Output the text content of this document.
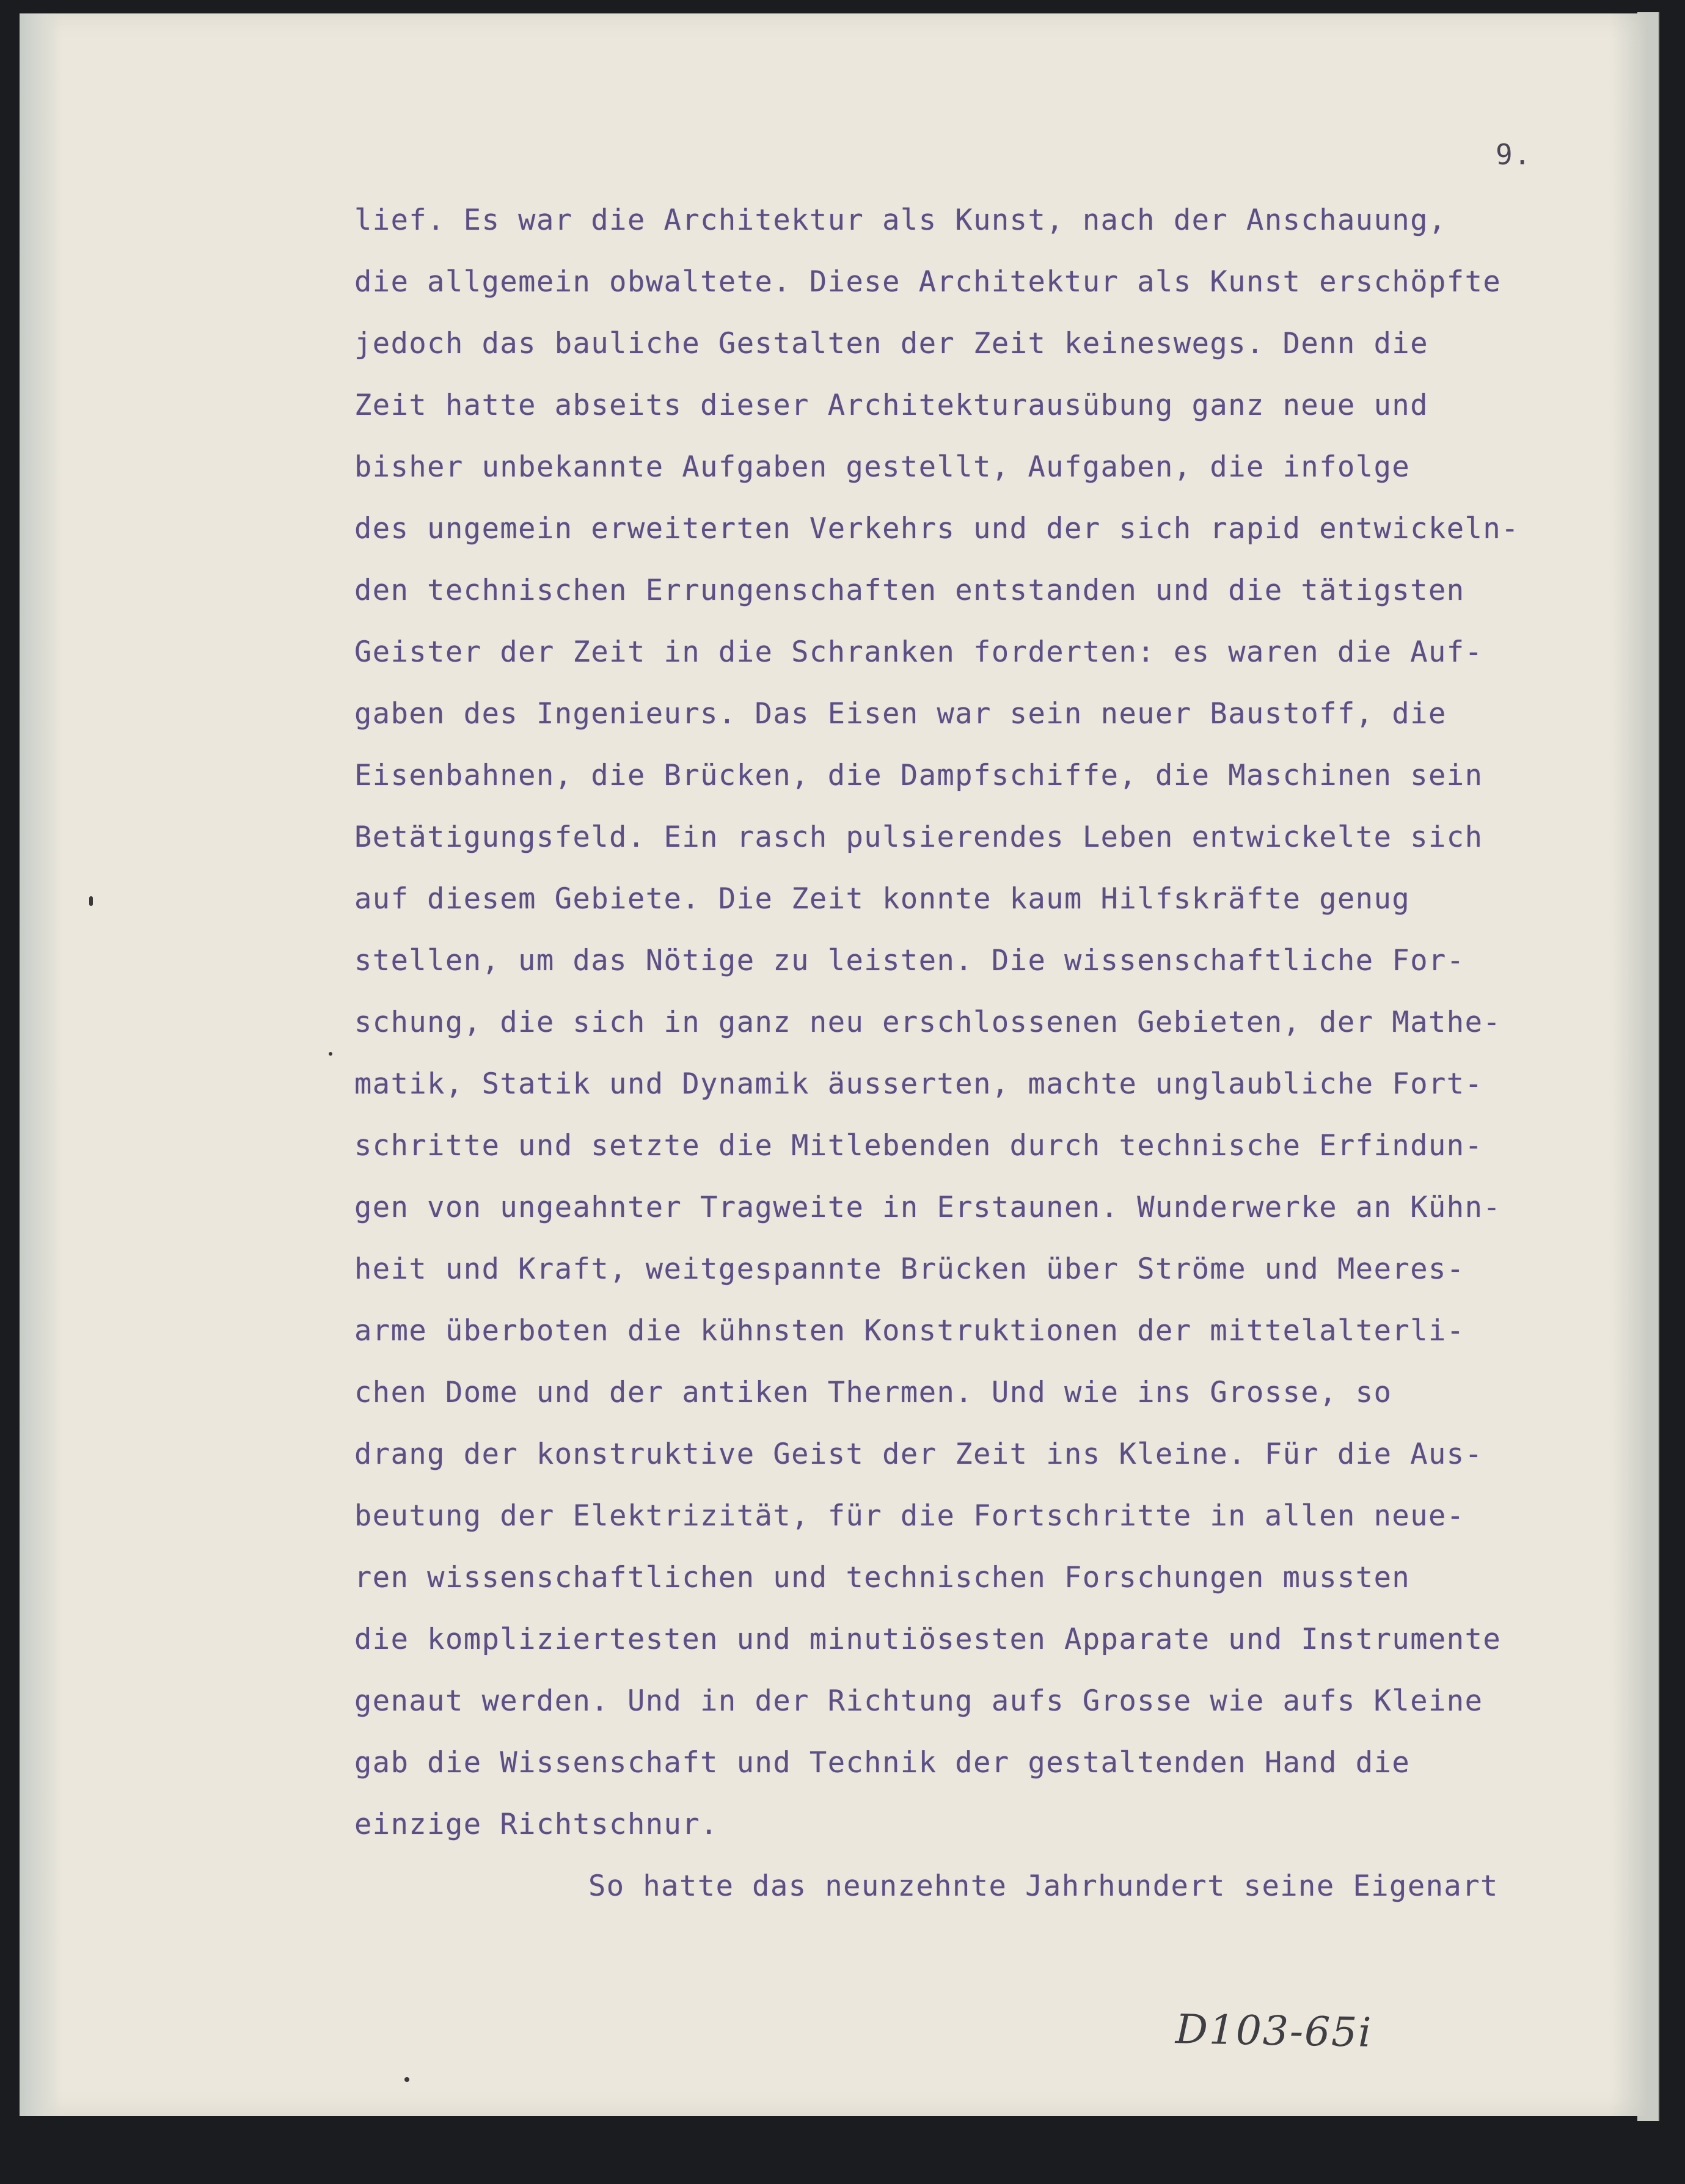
9.
lief. Es war die Architektur als Kunst, nach der Anschauung,
die allgemein obwaltete. Diese Architektur als Kunst erschöpfte
jedoch das bauliche Gestalten der Zeit keineswegs. Denn die
Zeit hatte abseits dieser Architekturausübung ganz neue und
bisher unbekannte Aufgaben gestellt, Aufgaben, die infolge
des ungemein erweiterten Verkehrs und der sich rapid entwickeln-
den technischen Errungenschaften entstanden und die tätigsten
Geister der Zeit in die Schranken forderten: es waren die Auf-
gaben des Ingenieurs. Das Eisen war sein neuer Baustoff, die
Eisenbahnen, die Brücken, die Dampfschiffe, die Maschinen sein
Betätigungsfeld. Ein rasch pulsierendes Leben entwickelte sich
auf diesem Gebiete. Die Zeit konnte kaum Hilfskräfte genug
stellen, um das Nötige zu leisten. Die wissenschaftliche For-
schung, die sich in ganz neu erschlossenen Gebieten, der Mathe-
matik, Statik und Dynamik äusserten, machte unglaubliche Fort-
schritte und setzte die Mitlebenden durch technische Erfindun-
gen von ungeahnter Tragweite in Erstaunen. Wunderwerke an Kühn-
heit und Kraft, weitgespannte Brücken über Ströme und Meeres-
arme überboten die kühnsten Konstruktionen der mittelalterli-
chen Dome und der antiken Thermen. Und wie ins Grosse, so
drang der konstruktive Geist der Zeit ins Kleine. Für die Aus-
beutung der Elektrizität, für die Fortschritte in allen neue-
ren wissenschaftlichen und technischen Forschungen mussten
die kompliziertesten und minutiösesten Apparate und Instrumente
genaut werden. Und in der Richtung aufs Grosse wie aufs Kleine
gab die Wissenschaft und Technik der gestaltenden Hand die
einzige Richtschnur.
So hatte das neunzehnte Jahrhundert seine Eigenart
D103-65i
